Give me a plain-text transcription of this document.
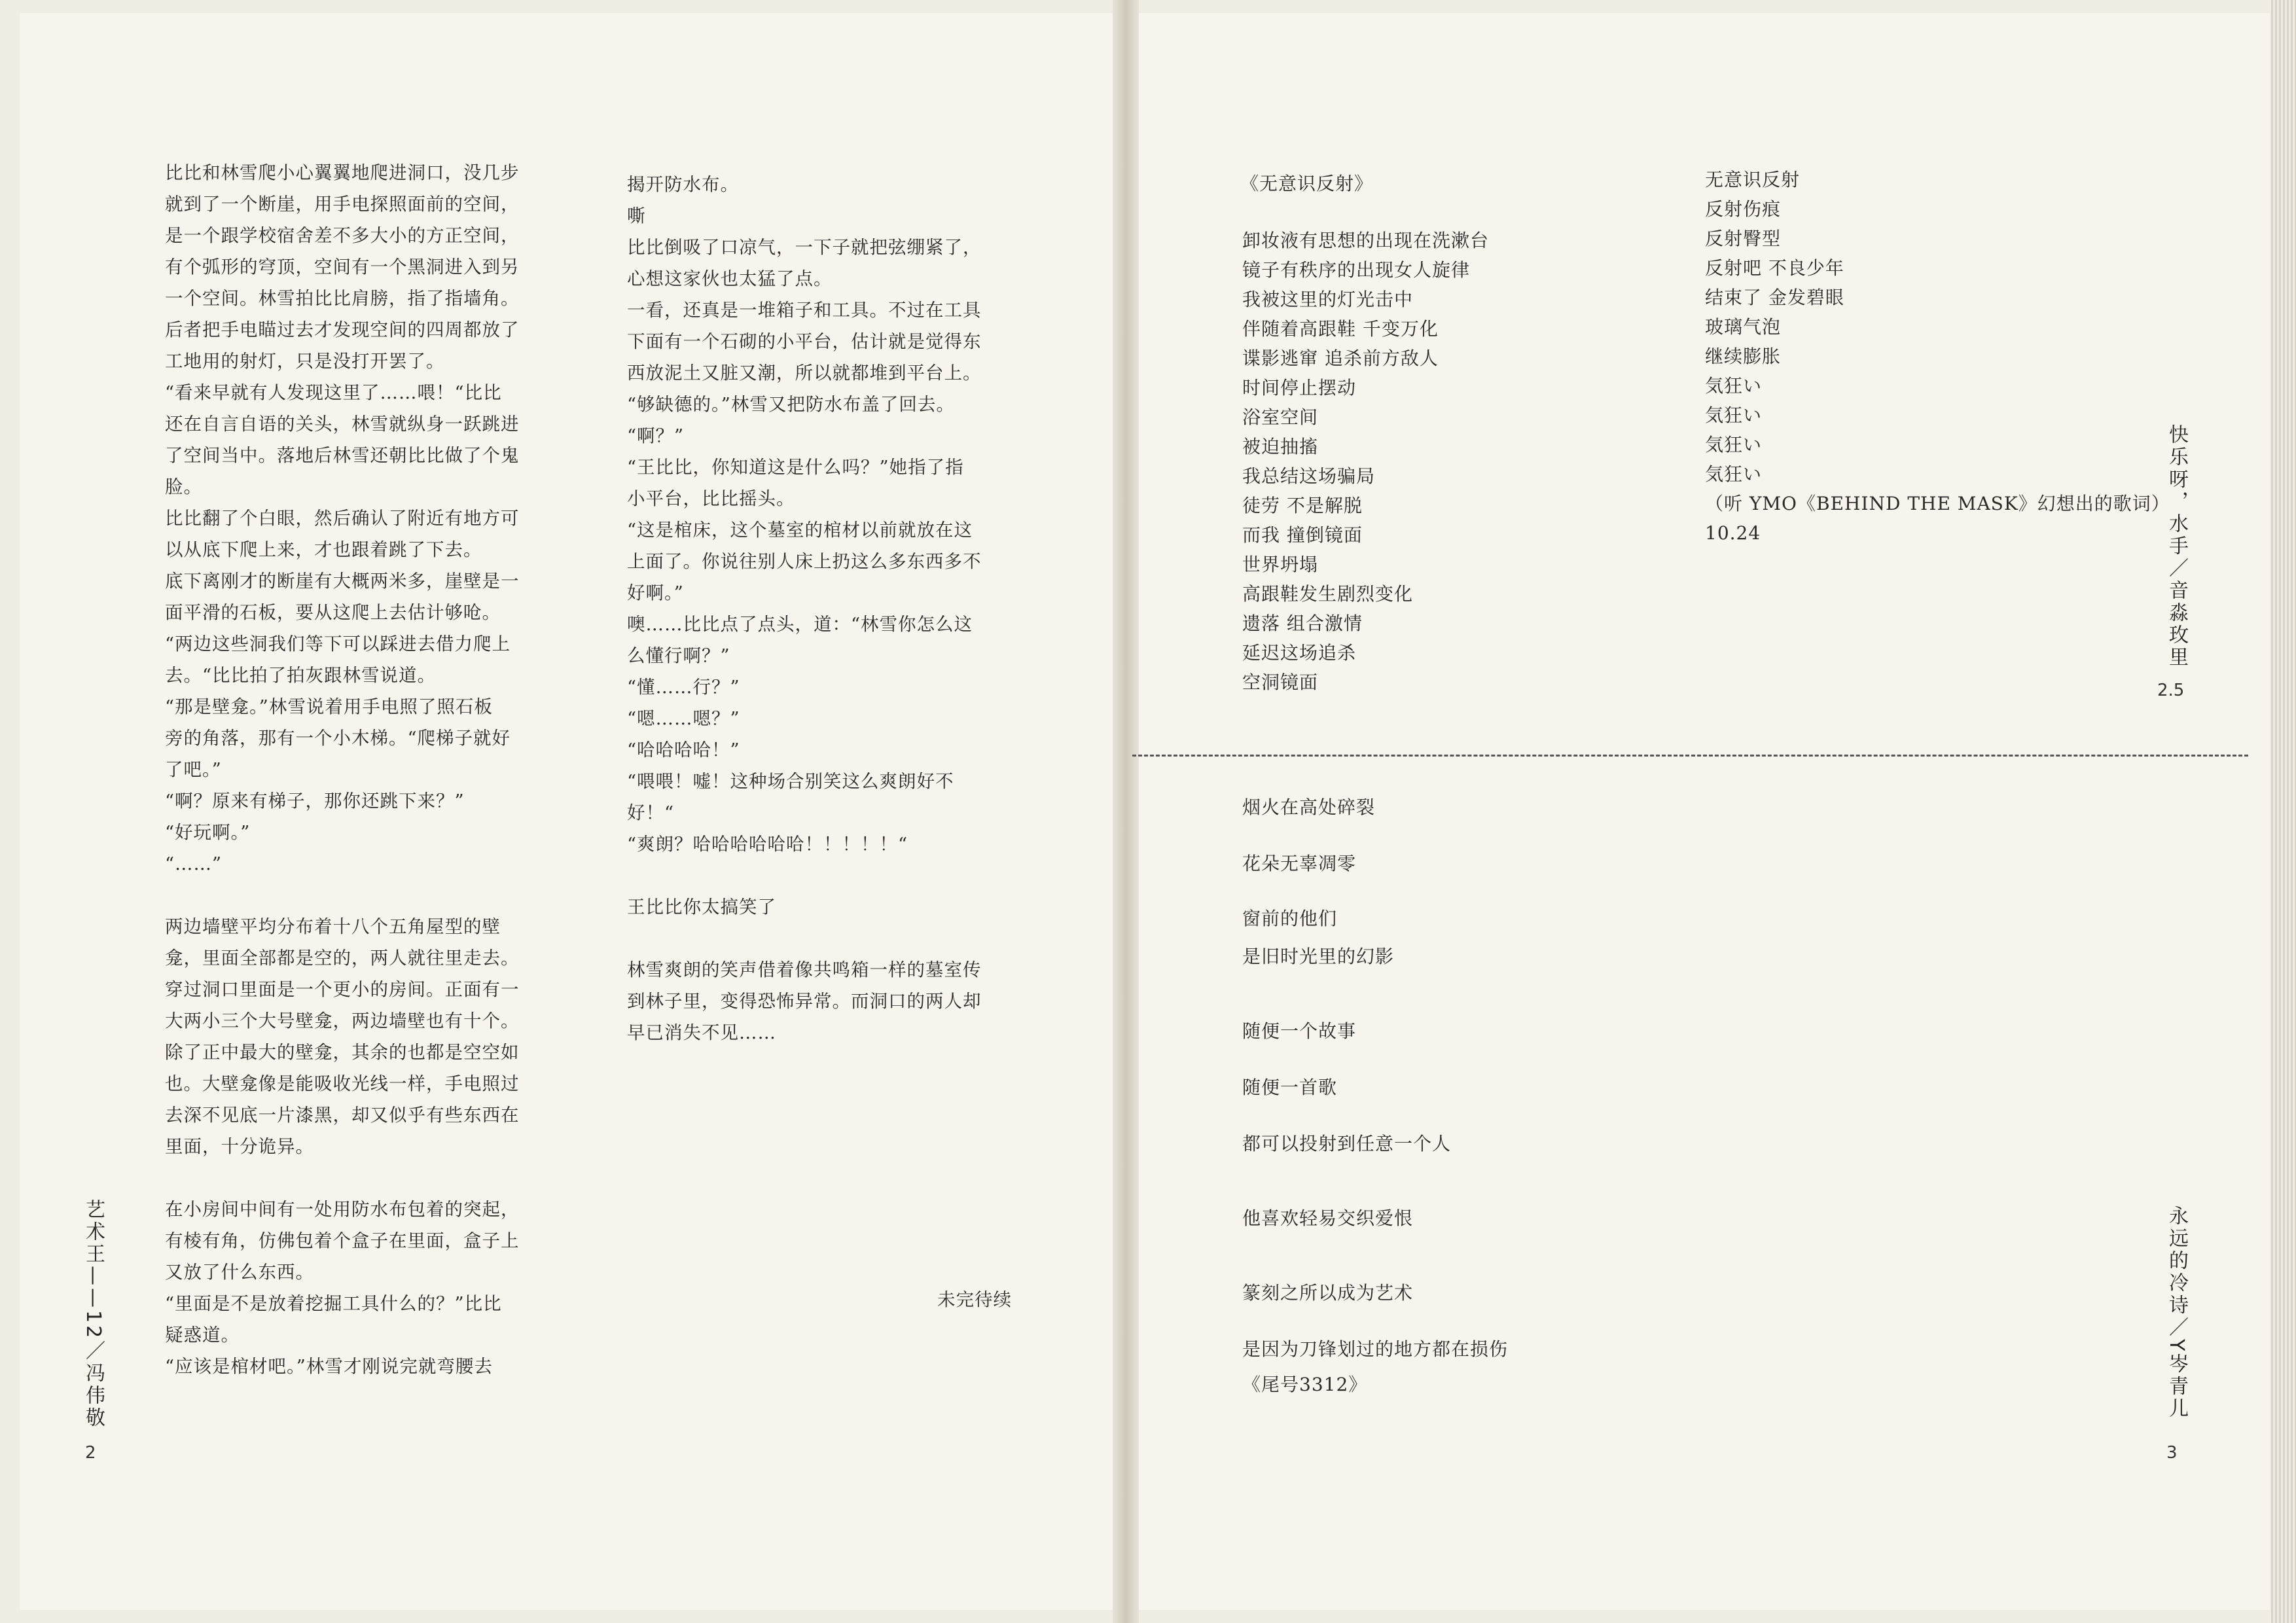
比比和林雪爬小心翼翼地爬进洞口，没几步

就到了一个断崖，用手电探照面前的空间，

是一个跟学校宿舍差不多大小的方正空间，

有个弧形的穹顶，空间有一个黑洞进入到另

一个空间。林雪拍比比肩膀，指了指墙角。

后者把手电瞄过去才发现空间的四周都放了

工地用的射灯，只是没打开罢了。

“看来早就有人发现这里了……喂！“比比

还在自言自语的关头，林雪就纵身一跃跳进

了空间当中。落地后林雪还朝比比做了个鬼

脸。

比比翻了个白眼，然后确认了附近有地方可

以从底下爬上来，才也跟着跳了下去。

底下离刚才的断崖有大概两米多，崖壁是一

面平滑的石板，要从这爬上去估计够呛。

“两边这些洞我们等下可以踩进去借力爬上

去。“比比拍了拍灰跟林雪说道。

“那是壁龛。”林雪说着用手电照了照石板

旁的角落，那有一个小木梯。“爬梯子就好

了吧。”

“啊？原来有梯子，那你还跳下来？”

“好玩啊。”

“……”

两边墙壁平均分布着十八个五角屋型的壁

龛，里面全部都是空的，两人就往里走去。

穿过洞口里面是一个更小的房间。正面有一

大两小三个大号壁龛，两边墙壁也有十个。

除了正中最大的壁龛，其余的也都是空空如

也。大壁龛像是能吸收光线一样，手电照过

去深不见底一片漆黑，却又似乎有些东西在

里面，十分诡异。

在小房间中间有一处用防水布包着的突起，

有棱有角，仿佛包着个盒子在里面，盒子上

又放了什么东西。

“里面是不是放着挖掘工具什么的？”比比

疑惑道。

“应该是棺材吧。”林雪才刚说完就弯腰去

揭开防水布。

嘶

比比倒吸了口凉气，一下子就把弦绷紧了，

心想这家伙也太猛了点。

一看，还真是一堆箱子和工具。不过在工具

下面有一个石砌的小平台，估计就是觉得东

西放泥土又脏又潮，所以就都堆到平台上。

“够缺德的。”林雪又把防水布盖了回去。

“啊？”

“王比比，你知道这是什么吗？”她指了指

小平台，比比摇头。

“这是棺床，这个墓室的棺材以前就放在这

上面了。你说往别人床上扔这么多东西多不

好啊。”

噢……比比点了点头，道：“林雪你怎么这

么懂行啊？”

“懂……行？”

“嗯……嗯？”

“哈哈哈哈！”

“喂喂！嘘！这种场合别笑这么爽朗好不

好！“

“爽朗？哈哈哈哈哈哈！！！！！“

王比比你太搞笑了

林雪爽朗的笑声借着像共鸣箱一样的墓室传

到林子里，变得恐怖异常。而洞口的两人却

早已消失不见……

未完待续
艺术王——12／冯伟敬
2
《无意识反射》

卸妆液有思想的出现在洗漱台

镜子有秩序的出现女人旋律

我被这里的灯光击中

伴随着高跟鞋 千变万化

谍影逃窜 追杀前方敌人

时间停止摆动

浴室空间

被迫抽搐

我总结这场骗局

徒劳 不是解脱

而我 撞倒镜面

世界坍塌

高跟鞋发生剧烈变化

遗落 组合激情

延迟这场追杀

空洞镜面

无意识反射

反射伤痕

反射臀型

反射吧 不良少年

结束了 金发碧眼

玻璃气泡

继续膨胀

気狂い

気狂い

気狂い

気狂い

（听 YMO《BEHIND THE MASK》幻想出的歌词）

10.24	快乐呀，水手／音淼玫里
2.5

烟火在高处碎裂

花朵无辜凋零

窗前的他们

是旧时光里的幻影

随便一个故事

随便一首歌

都可以投射到任意一个人

他喜欢轻易交织爱恨

篆刻之所以成为艺术

是因为刀锋划过的地方都在损伤

《尾号3312》	永远的冷诗／Y岑青儿
3
